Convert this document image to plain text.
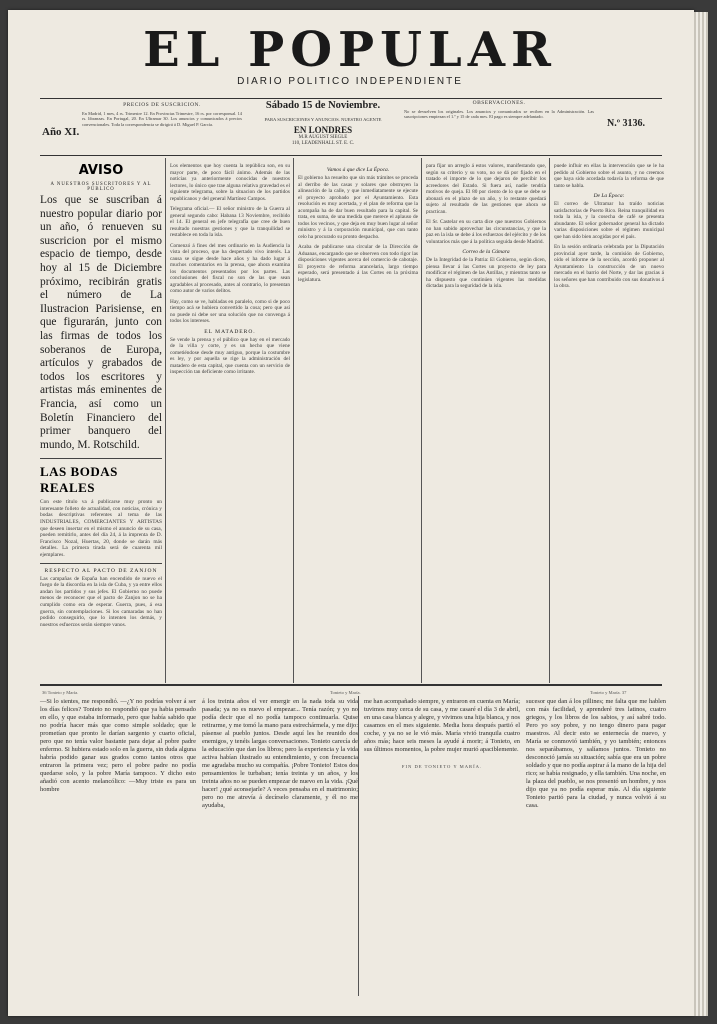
EL POPULAR
DIARIO POLITICO INDEPENDIENTE
Año XI.
PRECIOS DE SUSCRICION.
En Madrid, 1 mes, 4 rs. Trimestre 12. En Provincias Trimestre, 16 rs. por corresponsal. 14 rs. libranzas. En Portugal, 20. En Ultramar 30. Los anuncios y comunicados á precios convencionales. Toda la correspondencia se dirigirá á D. Miguel P. García.
Sábado 15 de Noviembre.
PARA SUSCRICIONES Y ANUNCIOS. NUESTRO AGENTE
EN LONDRES
M.R AUGUST SIEGLE
110, LEADENHALL ST. E. C.
OBSERVACIONES.
No se devuelven los originales. Los anuncios y comunicados se reciben en la Administración. Las suscripciones empiezan el 1.º y 15 de cada mes. El pago es siempre adelantado.
N.º 3136.
AVISO
A NUESTROS SUSCRITORES Y AL PÚBLICO
Los que se suscriban á nuestro popular diario por un año, ó renueven su suscricion por el mismo espacio de tiempo, desde hoy al 15 de Diciembre próximo, recibirán gratis el número de La Ilustracion Parisiense, en que figurarán, junto con las firmas de todos los soberanos de Europa, artículos y grabados de todos los escritores y artistas más eminentes de Francia, así como un Boletín Financiero del primer banquero del mundo, M. Rotschild.
LAS BODAS REALES
Con este título va á publicarse muy pronto un interesante folleto de actualidad, con noticias, crónica y bodas descriptivas referentes al tema de las INDUSTRIALES, COMERCIANTES Y ARTISTAS que deseen insertar en el mismo el anuncio de su casa, pueden remitirlo, antes del día 24, á la imprenta de D. Francisco Nozal, Huertas, 20, donde se darán más detalles. La primera tirada será de cuarenta mil ejemplares.
RESPECTO AL PACTO DE ZANJON
Las campañas de España han encendido de nuevo el fuego de la discordia en la isla de Cuba, y ya entre ellos andan los partidos y sus jefes. El Gobierno no puede menos de reconocer que el pacto de Zanjon no se ha cumplido como era de esperar. Guerra, pues, á esa guerra, sin contemplaciones. Si los camaradas no han podido conseguirlo, que lo intenten los demás, y nuestros esfuerzos serán siempre vanos.
Los elementos que hoy cuenta la república son, en su mayor parte, de poco fácil ánimo. Además de las noticias ya anteriormente conocidas de nuestros lectores, lo único que trae alguna relativa gravedad es el siguiente telegrama, sobre la situacion de los partidos republicanos y del general Martínez Campos.
Telegrama oficial.— El señor ministro de la Guerra al general segundo cabo: Habana 13 Noviembre, recibido el 14. El general en jefe telegrafía que cree de buen resultado nuestras gestiones y que la tranquilidad se restablece en toda la isla.
Comenzó á fines del mes ordinario en la Audiencia la vista del proceso, que ha despertado vivo interés. La causa se sigue desde hace años y ha dado lugar á muchos comentarios en la prensa, que ahora examina los documentos presentados por los partes. Las conclusiones del fiscal no son de las que sean agradables al procesado, antes al contrario, lo presentan como autor de varios delitos.
Hay, como se ve, habladas en paralelo, como si de poco tiempo acá se hubiera convertido la cosa; pero que así no puede ni debe ser una solución que no convenga á todos los intereses.
EL MATADERO.
Se vende la prensa y el público que hay en el mercado de la villa y corte, y es un hecho que viene cometiéndose desde muy antiguo, porque la costumbre es ley, y por aquella se rige la administración del matadero de esta capital, que cuenta con un servicio de inspección tan deficiente como irritante.
Vamos á que dice La Época.
El gobierno ha resuelto que sin más trámites se proceda al derribo de las casas y solares que obstruyen la alineación de la calle, y que inmediatamente se ejecute el proyecto aprobado por el Ayuntamiento. Esta resolución es muy acertada, y el plan de reforma que la acompaña ha de dar buen resultado para la capital. Se trata, en suma, de una medida que merece el aplauso de todos los vecinos, y que deja en muy buen lugar al señor ministro y á la corporación municipal, que con tanto celo ha procurado su pronto despacho.
Acaba de publicarse una circular de la Dirección de Aduanas, encargando que se observen con todo rigor las disposiciones vigentes acerca del comercio de cabotaje. El proyecto de reforma arancelaria, largo tiempo esperado, será presentado á las Cortes en la próxima legislatura.
para fijar un arreglo á estos valores, manifestando que, según su criterio y su voto, no se dá por fijado en el tratado el importe de lo que dejaron de percibir los acreedores del Estado. Si fuera así, nadie tendría motivos de queja. El 80 por ciento de lo que se debe se abonará en el plazo de un año, y lo restante quedará sujeto al resultado de las gestiones que ahora se practican.
El Sr. Castelar en su carta dice que nuestros Gobiernos no han sabido aprovechar las circunstancias, y que la paz en la isla se debe á los esfuerzos del ejército y de los voluntarios más que á la política seguida desde Madrid.
Correo de la Cámara
De la Integridad de la Patria: El Gobierno, según dicen, piensa llevar á las Cortes un proyecto de ley para modificar el régimen de las Antillas, y mientras tanto se ha dispuesto que continúen vigentes las medidas dictadas para la seguridad de la isla.
puede influir en ellas la intervención que se le ha pedido al Gobierno sobre el asunto, y no creemos que haya sido acordada todavía la reforma de que tanto se habla.
De La Época:
El correo de Ultramar ha traído noticias satisfactorias de Puerto Rico. Reina tranquilidad en toda la isla, y la cosecha de café se presenta abundante. El señor gobernador general ha dictado varias disposiciones sobre el régimen municipal que han sido bien acogidas por el país.
En la sesión ordinaria celebrada por la Diputación provincial ayer tarde, la comisión de Gobierno, oído el informe de la sección, acordó proponer al Ayuntamiento la construcción de un nuevo mercado en el barrio del Norte, y dar las gracias á los señores que han contribuido con sus donativos á la obra.
36 Tonieto y María.	Tonieto y María.	Tonieto y María. 37
—Si lo sientes, me respondió. —¿Y no podrías volver á ser los días felices? Tonieto no respondió que ya habia pensado en ello, y que estaba informado, pero que había sabido que no podría hacer más que como simple soldado; que le prometían que pronto le darían sargento y cuarto oficial, pero que no tenía valor bastante para dejar al pobre padre enfermo. Si hubiera estado solo en la guerra, sin duda alguna habría podido ganar sus grados como tantos otros que entraron la primera vez; pero el pobre padre no podía quedarse solo, y la pobre María tampoco. Y dicho esto añadió con acento melancólico: —Muy triste es para un hombre
á los treinta años el ver emergir en la nada toda su vida pasada; ya no es nuevo el empezar... Tenía razón; y yo no podía decir que el no podía tampoco continuarla. Quise retirarme, y me tomó la mano para estrechármela, y me dijo: pásense al pueblo juntos. Desde aquí les he reunido dos enemigos, y tenéis largas conversaciones. Tonieto carecía de la educación que dan los libros; pero la experiencia y la vida activa habían ilustrado su entendimiento, y con frecuencia me agradaba mucho su compañía. ¡Pobre Tonieto! Estos dos pensamientos le turbaban; tenía treinta y un años, y los treinta años no se pueden empezar de nuevo en la vida. ¡Qué hacer! ¿qué aconsejarle? A veces pensaba en el matrimonio; pero no me atrevía á decírselo claramente, y él no me ayudaba,
me han acompañado siempre, y entraron en cuenta en María; tuvimos muy cerca de su casa, y me casaré el día 3 de abril, en una casa blanca y alegre, y vivimos una hija blanca, y nos casamos en el mes siguiente. Media hora después partió el coche, y ya no se le vió más. María vivió tranquila cuatro años más; hace seis meses la ayudé á morir; á Tonieto, en sus últimos momentos, la pobre mujer murió apaciblemente.
FIN DE TONIETO Y MARÍA.
sucesor que dan á los pillines; me falta que me hablen con más facilidad, y aprenderé tres latinos, cuatro griegos, y los libros de los sabios, y así sabré todo. Pero yo soy pobre, y no tengo dinero para pagar maestros. Al decir esto se enternecía de nuevo, y María se conmovió también, y yo también; entonces nos separábamos, y salíamos juntos. Tonieto no desconoció jamás su situación; sabía que era un pobre soldado y que no podía aspirar á la mano de la hija del rico; se había resignado, y ella también. Una noche, en la plaza del pueblo, se nos presentó un hombre, y nos dijo que ya no podía esperar más. Al día siguiente Tonieto partió para la ciudad, y nunca volvió á su casa.
